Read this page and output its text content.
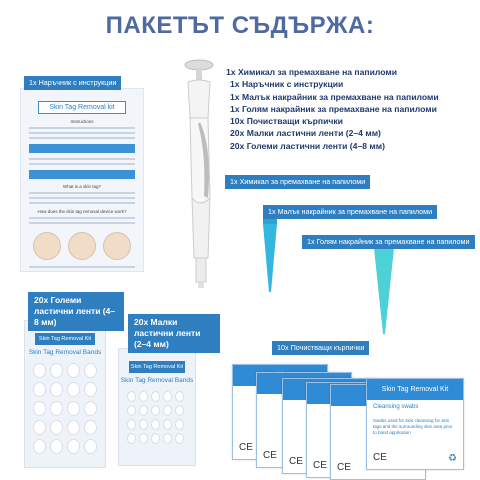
ПАКЕТЪТ СЪДЪРЖА:
1x Химикал за премахване на папиломи
1x Наръчник с инструкции
1x Малък накрайник за премахване на папиломи
1x Голям накрайник за премахване на папиломи
10x Почистващи кърпички
20x Малки ластични ленти (2–4 мм)
20x Големи ластични ленти (4–8 мм)
Skin Tag Removal kit
Instructions
What is a skin tag?
How does the skin tag removal device work?
1x Наръчник с инструкции
1x Химикал за премахване на папиломи
1x Малък накрайник за премахване на папиломи
1x Голям накрайник за премахване на папиломи
Skin Tag Removal Kit
Skin Tag Removal Bands
20x Големи ластични ленти (4–8 мм)
Skin Tag Removal Kit
Skin Tag Removal Bands
20x Малки ластични ленти (2–4 мм)
CE
CE
CE CE CE
Skin Tag Removal Kit
Cleansing swabs
Swabs used for skin cleansing for skin tags and the surrounding skin area prior to band application
CE	♻
10x Почистващи кърпички
